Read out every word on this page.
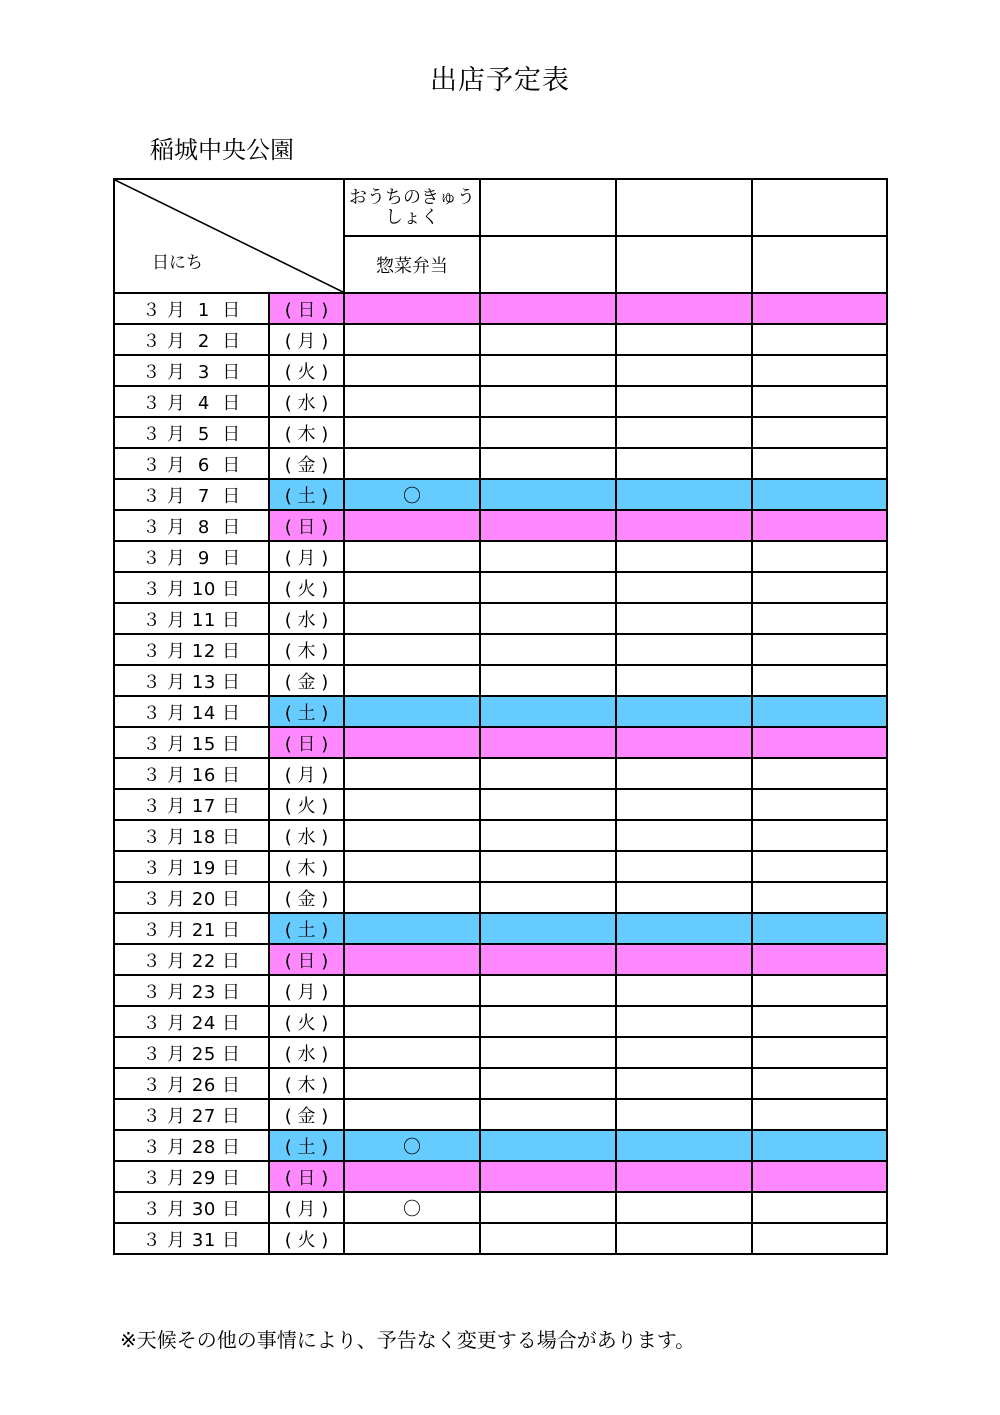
出店予定表
稲城中央公園
日にち		おうちのきゅうしょく			
		惣菜弁当			
３ 月  1  日	( 日 )				
３ 月  2  日	( 月 )				
３ 月  3  日	( 火 )				
３ 月  4  日	( 水 )				
３ 月  5  日	( 木 )				
３ 月  6  日	( 金 )				
３ 月  7  日	( 土 )	〇			
３ 月  8  日	( 日 )				
３ 月  9  日	( 月 )				
３ 月 10 日	( 火 )				
３ 月 11 日	( 水 )				
３ 月 12 日	( 木 )				
３ 月 13 日	( 金 )				
３ 月 14 日	( 土 )				
３ 月 15 日	( 日 )				
３ 月 16 日	( 月 )				
３ 月 17 日	( 火 )				
３ 月 18 日	( 水 )				
３ 月 19 日	( 木 )				
３ 月 20 日	( 金 )				
３ 月 21 日	( 土 )				
３ 月 22 日	( 日 )				
３ 月 23 日	( 月 )				
３ 月 24 日	( 火 )				
３ 月 25 日	( 水 )				
３ 月 26 日	( 木 )				
３ 月 27 日	( 金 )				
３ 月 28 日	( 土 )	〇			
３ 月 29 日	( 日 )				
３ 月 30 日	( 月 )	〇			
３ 月 31 日	( 火 )				
※天候その他の事情により、予告なく変更する場合があります。
